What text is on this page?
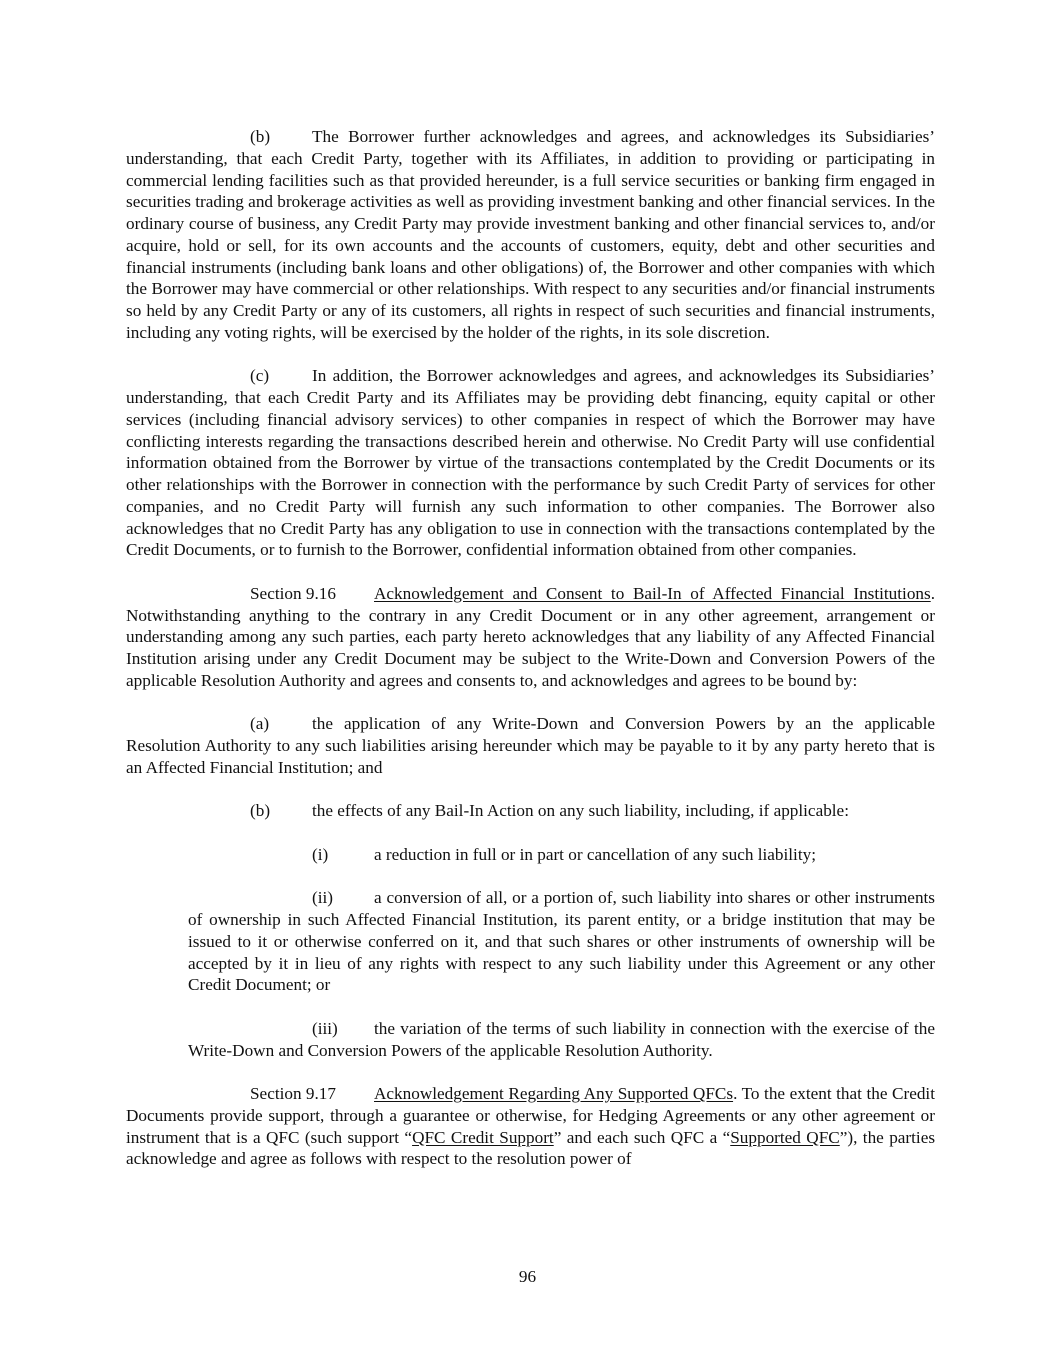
(b) The Borrower further acknowledges and agrees, and acknowledges its Subsidiaries’ understanding, that each Credit Party, together with its Affiliates, in addition to providing or participating in commercial lending facilities such as that provided hereunder, is a full service securities or banking firm engaged in securities trading and brokerage activities as well as providing investment banking and other financial services. In the ordinary course of business, any Credit Party may provide investment banking and other financial services to, and/or acquire, hold or sell, for its own accounts and the accounts of customers, equity, debt and other securities and financial instruments (including bank loans and other obligations) of, the Borrower and other companies with which the Borrower may have commercial or other relationships. With respect to any securities and/or financial instruments so held by any Credit Party or any of its customers, all rights in respect of such securities and financial instruments, including any voting rights, will be exercised by the holder of the rights, in its sole discretion.

(c) In addition, the Borrower acknowledges and agrees, and acknowledges its Subsidiaries’ understanding, that each Credit Party and its Affiliates may be providing debt financing, equity capital or other services (including financial advisory services) to other companies in respect of which the Borrower may have conflicting interests regarding the transactions described herein and otherwise. No Credit Party will use confidential information obtained from the Borrower by virtue of the transactions contemplated by the Credit Documents or its other relationships with the Borrower in connection with the performance by such Credit Party of services for other companies, and no Credit Party will furnish any such information to other companies. The Borrower also acknowledges that no Credit Party has any obligation to use in connection with the transactions contemplated by the Credit Documents, or to furnish to the Borrower, confidential information obtained from other companies.

Section 9.16 Acknowledgement and Consent to Bail-In of Affected Financial Institutions. Notwithstanding anything to the contrary in any Credit Document or in any other agreement, arrangement or understanding among any such parties, each party hereto acknowledges that any liability of any Affected Financial Institution arising under any Credit Document may be subject to the Write-Down and Conversion Powers of the applicable Resolution Authority and agrees and consents to, and acknowledges and agrees to be bound by:

(a) the application of any Write-Down and Conversion Powers by an the applicable Resolution Authority to any such liabilities arising hereunder which may be payable to it by any party hereto that is an Affected Financial Institution; and

(b) the effects of any Bail-In Action on any such liability, including, if applicable:

(i)	a reduction in full or in part or cancellation of any such liability;

(ii) a conversion of all, or a portion of, such liability into shares or other instruments of ownership in such Affected Financial Institution, its parent entity, or a bridge institution that may be issued to it or otherwise conferred on it, and that such shares or other instruments of ownership will be accepted by it in lieu of any rights with respect to any such liability under this Agreement or any other Credit Document; or

(iii) the variation of the terms of such liability in connection with the exercise of the Write-Down and Conversion Powers of the applicable Resolution Authority.

Section 9.17 Acknowledgement Regarding Any Supported QFCs. To the extent that the Credit Documents provide support, through a guarantee or otherwise, for Hedging Agreements or any other agreement or instrument that is a QFC (such support “QFC Credit Support” and each such QFC a “Supported QFC”), the parties acknowledge and agree as follows with respect to the resolution power of

96
